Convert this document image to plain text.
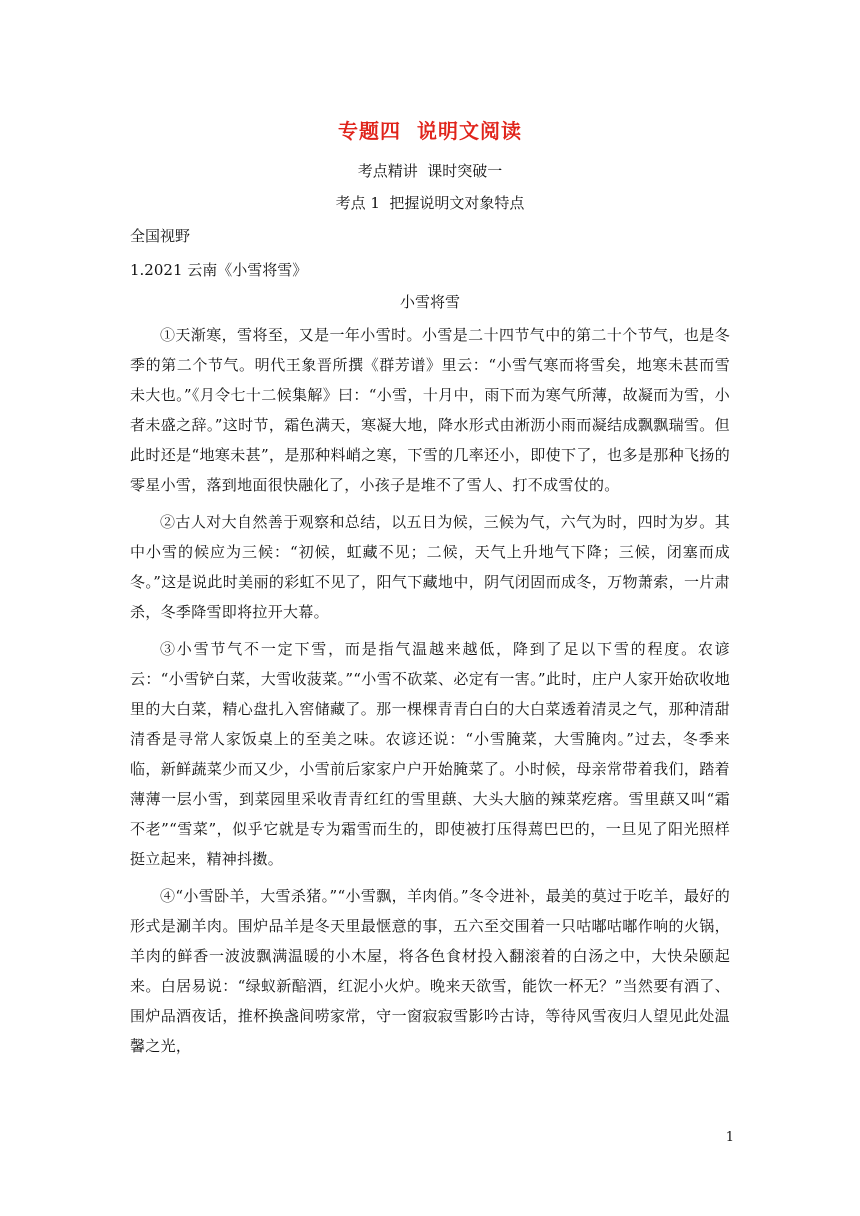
专题四  说明文阅读
考点精讲  课时突破一
考点 1  把握说明文对象特点
全国视野
1.2021 云南《小雪将雪》
小雪将雪

①天渐寒，雪将至，又是一年小雪时。小雪是二十四节气中的第二十个节气，也是冬季的第二个节气。明代王象晋所撰《群芳谱》里云：“小雪气寒而将雪矣，地寒未甚而雪未大也。”《月令七十二候集解》曰：“小雪，十月中，雨下而为寒气所薄，故凝而为雪，小者未盛之辞。”这时节，霜色满天，寒凝大地，降水形式由淅沥小雨而凝结成飘飘瑞雪。但此时还是“地寒未甚”，是那种料峭之寒，下雪的几率还小，即使下了，也多是那种飞扬的零星小雪，落到地面很快融化了，小孩子是堆不了雪人、打不成雪仗的。

②古人对大自然善于观察和总结，以五日为候，三候为气，六气为时，四时为岁。其中小雪的候应为三候：“初候，虹藏不见；二候，天气上升地气下降；三候，闭塞而成冬。”这是说此时美丽的彩虹不见了，阳气下藏地中，阴气闭固而成冬，万物萧索，一片肃杀，冬季降雪即将拉开大幕。

③小雪节气不一定下雪，而是指气温越来越低，降到了足以下雪的程度。农谚云：“小雪铲白菜，大雪收菠菜。”“小雪不砍菜、必定有一害。”此时，庄户人家开始砍收地里的大白菜，精心盘扎入窖储藏了。那一棵棵青青白白的大白菜透着清灵之气，那种清甜清香是寻常人家饭桌上的至美之味。农谚还说：“小雪腌菜，大雪腌肉。”过去，冬季来临，新鲜蔬菜少而又少，小雪前后家家户户开始腌菜了。小时候，母亲常带着我们，踏着薄薄一层小雪，到菜园里采收青青红红的雪里蕻、大头大脑的辣菜疙瘩。雪里蕻又叫“霜不老”“雪菜”，似乎它就是专为霜雪而生的，即使被打压得蔫巴巴的，一旦见了阳光照样挺立起来，精神抖擞。

④“小雪卧羊，大雪杀猪。”“小雪飘，羊肉俏。”冬令进补，最美的莫过于吃羊，最好的形式是涮羊肉。围炉品羊是冬天里最惬意的事，五六至交围着一只咕嘟咕嘟作响的火锅，羊肉的鲜香一波波飘满温暖的小木屋，将各色食材投入翻滚着的白汤之中，大快朵颐起来。白居易说：“绿蚁新醅酒，红泥小火炉。晚来天欲雪，能饮一杯无？”当然要有酒了、围炉品酒夜话，推杯换盏间唠家常，守一窗寂寂雪影吟古诗，等待风雪夜归人望见此处温馨之光，

1
